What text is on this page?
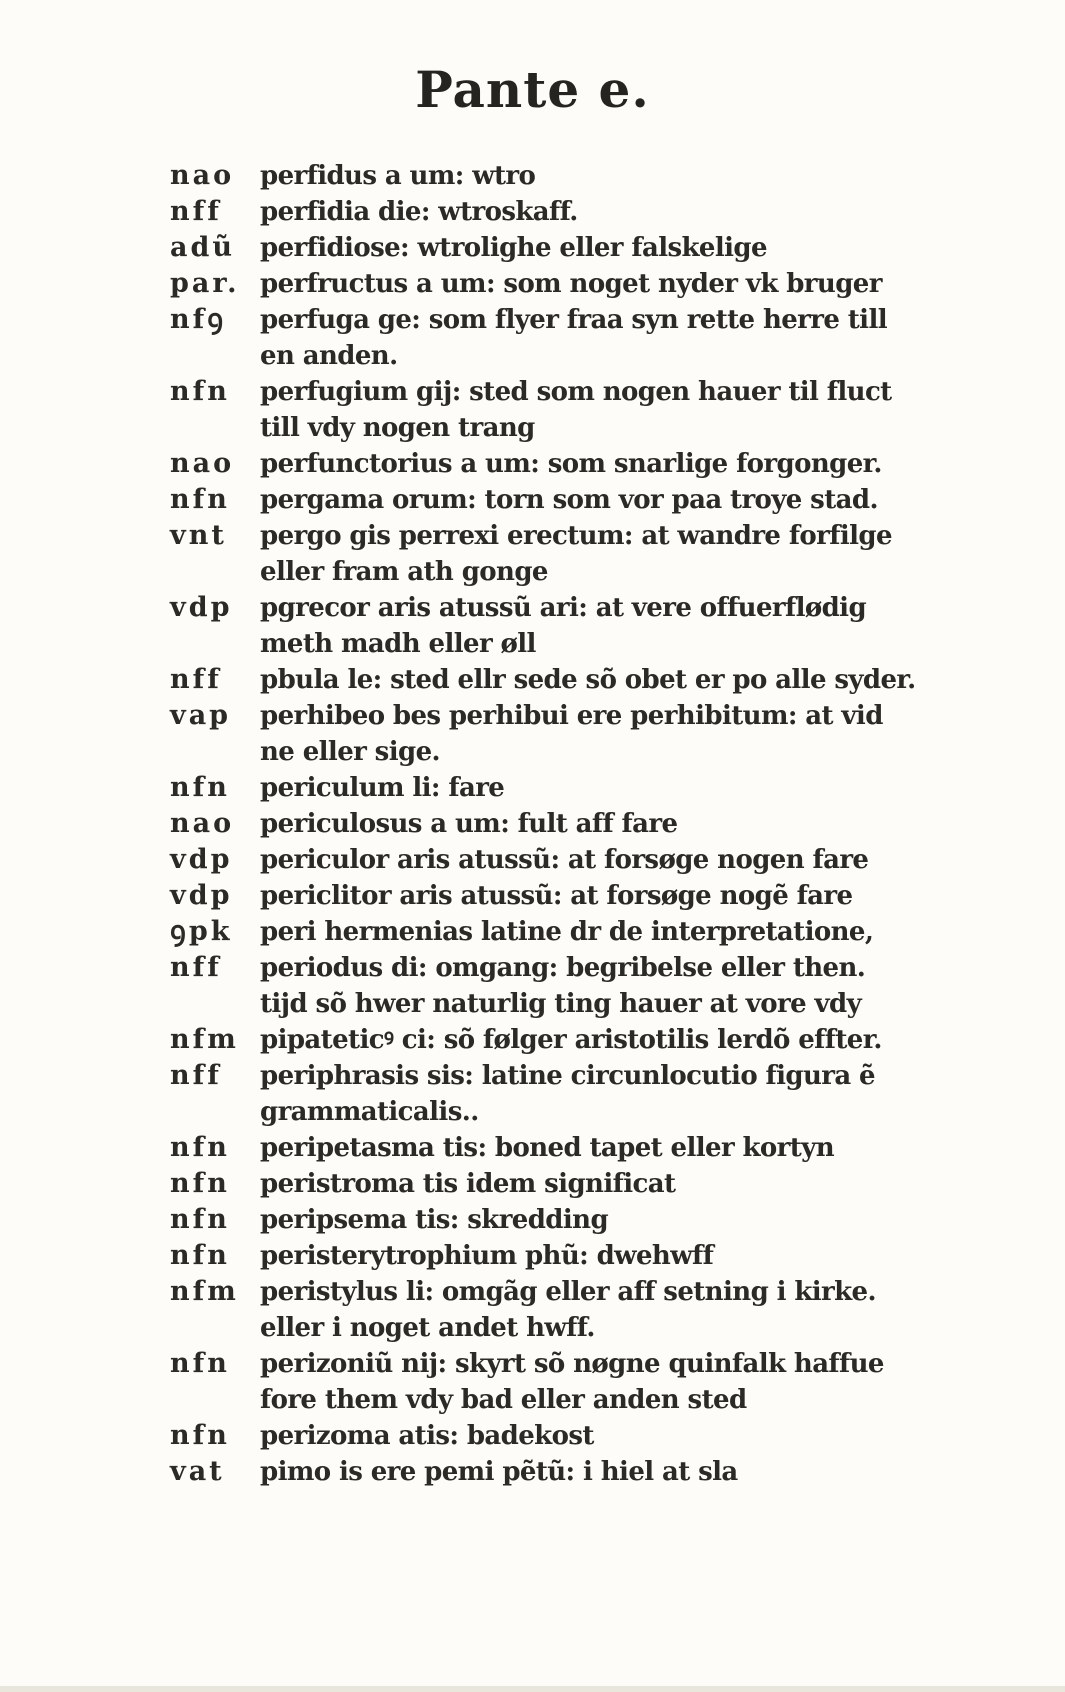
Pante e.
nao perfidus a um: wtro
nff	perfidia die: wtroskaff.
adũ perfidiose: wtrolighe eller falskelige
par. perfructus a um: som noget nyder vk bruger
nfꝯ	perfuga ge: som flyer fraa syn rette herre till
en anden.
nfn	perfugium gij: sted som nogen hauer til fluct
till vdy nogen trang
nao perfunctorius a um: som snarlige forgonger.
nfn	pergama orum: torn som vor paa troye stad.
vnt	pergo gis perrexi erectum: at wandre forfilge
eller fram ath gonge
vdp	pgrecor aris atussũ ari: at vere offuerflødig
meth madh eller øll
nff	pbula le: sted ellr sede sõ obet er po alle syder.
vap	perhibeo bes perhibui ere perhibitum: at vid
ne eller sige.
nfn	periculum li: fare
nao periculosus a um: fult aff fare
vdp	periculor aris atussũ: at forsøge nogen fare
vdp	periclitor aris atussũ: at forsøge nogẽ fare
ꝯpk	peri hermenias latine dr de interpretatione,
nff	periodus di: omgang: begribelse eller then.
tijd sõ hwer naturlig ting hauer at vore vdy
nfm pipateticꝰ ci: sõ følger aristotilis lerdõ effter.
nff	periphrasis sis: latine circunlocutio figura ẽ
grammaticalis..
nfn	peripetasma tis: boned tapet eller kortyn
nfn	peristroma tis idem significat
nfn	peripsema tis: skredding
nfn	peristerytrophium phũ: dwehwff
nfm peristylus li: omgãg eller aff setning i kirke.
eller i noget andet hwff.
nfn	perizoniũ nij: skyrt sõ nøgne quinfalk haffue
fore them vdy bad eller anden sted
nfn	perizoma atis: badekost
vat	pimo is ere pemi pẽtũ: i hiel at sla
